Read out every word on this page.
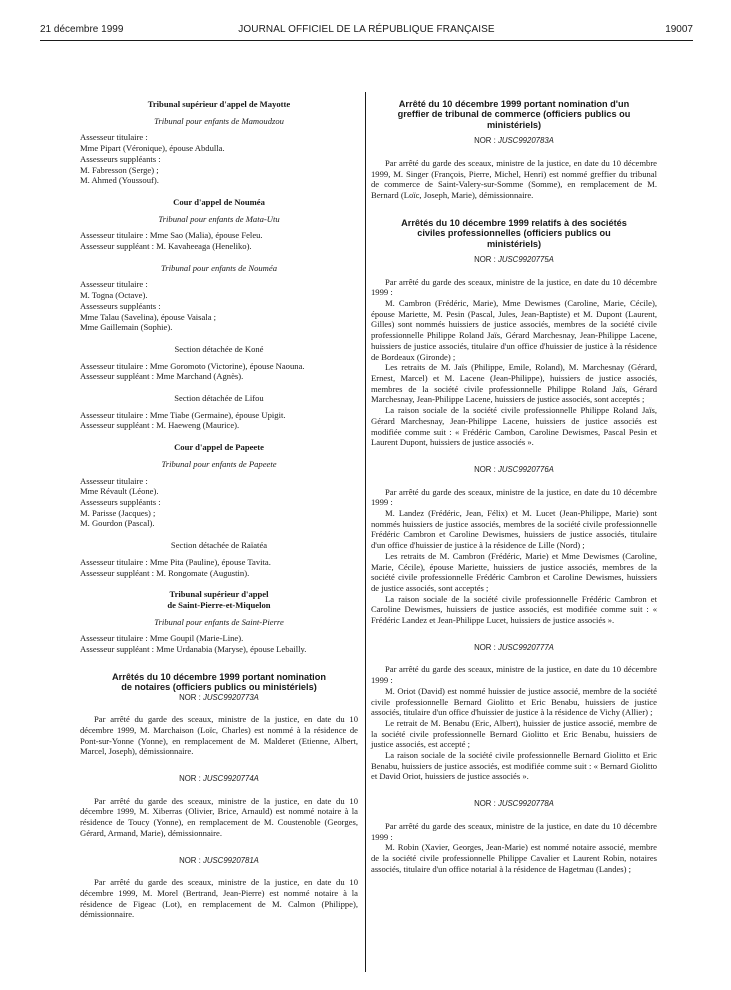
21 décembre 1999	JOURNAL OFFICIEL DE LA RÉPUBLIQUE FRANÇAISE	19007

Tribunal supérieur d'appel de Mayotte

Tribunal pour enfants de Mamoudzou

Assesseur titulaire :

Mme Pipart (Véronique), épouse Abdulla.

Assesseurs suppléants :

M. Fabresson (Serge) ;

M. Ahmed (Youssouf).

Cour d'appel de Nouméa

Tribunal pour enfants de Mata-Utu

Assesseur titulaire : Mme Sao (Malia), épouse Feleu.

Assesseur suppléant : M. Kavaheeaga (Heneliko).

Tribunal pour enfants de Nouméa

Assesseur titulaire :

M. Togna (Octave).

Assesseurs suppléants :

Mme Talau (Savelina), épouse Vaisala ;

Mme Gaillemain (Sophie).

Section détachée de Koné

Assesseur titulaire : Mme Goromoto (Victorine), épouse Naouna.

Assesseur suppléant : Mme Marchand (Agnès).

Section détachée de Lifou

Assesseur titulaire : Mme Tiabe (Germaine), épouse Upigit.

Assesseur suppléant : M. Haeweng (Maurice).

Cour d'appel de Papeete

Tribunal pour enfants de Papeete

Assesseur titulaire :

Mme Révault (Léone).

Assesseurs suppléants :

M. Parisse (Jacques) ;

M. Gourdon (Pascal).

Section détachée de Raïatéa

Assesseur titulaire : Mme Pita (Pauline), épouse Tavita.

Assesseur suppléant : M. Rongomate (Augustin).

Tribunal supérieur d'appel

de Saint-Pierre-et-Miquelon

Tribunal pour enfants de Saint-Pierre

Assesseur titulaire : Mme Goupil (Marie-Line).

Assesseur suppléant : Mme Urdanabia (Maryse), épouse Lebailly.

Arrêtés du 10 décembre 1999 portant nomination

de notaires (officiers publics ou ministériels)

NOR : JUSC9920773A

Par arrêté du garde des sceaux, ministre de la justice, en date du 10 décembre 1999, M. Marchaison (Loïc, Charles) est nommé à la résidence de Pont-sur-Yonne (Yonne), en remplacement de M. Malderet (Etienne, Albert, Marcel, Joseph), démissionnaire.

NOR : JUSC9920774A

Par arrêté du garde des sceaux, ministre de la justice, en date du 10 décembre 1999, M. Xiberras (Olivier, Brice, Arnauld) est nommé notaire à la résidence de Toucy (Yonne), en remplacement de M. Coustenoble (Georges, Gérard, Armand, Marie), démissionnaire.

NOR : JUSC9920781A

Par arrêté du garde des sceaux, ministre de la justice, en date du 10 décembre 1999, M. Morel (Bertrand, Jean-Pierre) est nommé notaire à la résidence de Figeac (Lot), en remplacement de M. Calmon (Philippe), démissionnaire.

Arrêté du 10 décembre 1999 portant nomination d'un

greffier de tribunal de commerce (officiers publics ou

ministériels)

NOR : JUSC9920783A

Par arrêté du garde des sceaux, ministre de la justice, en date du 10 décembre 1999, M. Singer (François, Pierre, Michel, Henri) est nommé greffier du tribunal de commerce de Saint-Valery-sur-Somme (Somme), en remplacement de M. Bernard (Loïc, Joseph, Marie), démissionnaire.

Arrêtés du 10 décembre 1999 relatifs à des sociétés

civiles professionnelles (officiers publics ou

ministériels)

NOR : JUSC9920775A

Par arrêté du garde des sceaux, ministre de la justice, en date du 10 décembre 1999 :

M. Cambron (Frédéric, Marie), Mme Dewismes (Caroline, Marie, Cécile), épouse Mariette, M. Pesin (Pascal, Jules, Jean-Baptiste) et M. Dupont (Laurent, Gilles) sont nommés huissiers de justice associés, membres de la société civile professionnelle Philippe Roland Jaïs, Gérard Marchesnay, Jean-Philippe Lacene, huissiers de justice associés, titulaire d'un office d'huissier de justice à la résidence de Bordeaux (Gironde) ;

Les retraits de M. Jaïs (Philippe, Emile, Roland), M. Marchesnay (Gérard, Ernest, Marcel) et M. Lacene (Jean-Philippe), huissiers de justice associés, membres de la société civile professionnelle Philippe Roland Jaïs, Gérard Marchesnay, Jean-Philippe Lacene, huissiers de justice associés, sont acceptés ;

La raison sociale de la société civile professionnelle Philippe Roland Jaïs, Gérard Marchesnay, Jean-Philippe Lacene, huissiers de justice associés est modifiée comme suit : « Frédéric Cambon, Caroline Dewismes, Pascal Pesin et Laurent Dupont, huissiers de justice associés ».

NOR : JUSC9920776A

Par arrêté du garde des sceaux, ministre de la justice, en date du 10 décembre 1999 :

M. Landez (Frédéric, Jean, Félix) et M. Lucet (Jean-Philippe, Marie) sont nommés huissiers de justice associés, membres de la société civile professionnelle Frédéric Cambron et Caroline Dewismes, huissiers de justice associés, titulaire d'un office d'huissier de justice à la résidence de Lille (Nord) ;

Les retraits de M. Cambron (Frédéric, Marie) et Mme Dewismes (Caroline, Marie, Cécile), épouse Mariette, huissiers de justice associés, membres de la société civile professionnelle Frédéric Cambron et Caroline Dewismes, huissiers de justice associés, sont acceptés ;

La raison sociale de la société civile professionnelle Frédéric Cambron et Caroline Dewismes, huissiers de justice associés, est modifiée comme suit : « Frédéric Landez et Jean-Philippe Lucet, huissiers de justice associés ».

NOR : JUSC9920777A

Par arrêté du garde des sceaux, ministre de la justice, en date du 10 décembre 1999 :

M. Oriot (David) est nommé huissier de justice associé, membre de la société civile professionnelle Bernard Giolitto et Eric Benabu, huissiers de justice associés, titulaire d'un office d'huissier de justice à la résidence de Vichy (Allier) ;

Le retrait de M. Benabu (Eric, Albert), huissier de justice associé, membre de la société civile professionnelle Bernard Giolitto et Eric Benabu, huissiers de justice associés, est accepté ;

La raison sociale de la société civile professionnelle Bernard Giolitto et Eric Benabu, huissiers de justice associés, est modifiée comme suit : « Bernard Giolitto et David Oriot, huissiers de justice associés ».

NOR : JUSC9920778A

Par arrêté du garde des sceaux, ministre de la justice, en date du 10 décembre 1999 :

M. Robin (Xavier, Georges, Jean-Marie) est nommé notaire associé, membre de la société civile professionnelle Philippe Cavalier et Laurent Robin, notaires associés, titulaire d'un office notarial à la résidence de Hagetmau (Landes) ;
